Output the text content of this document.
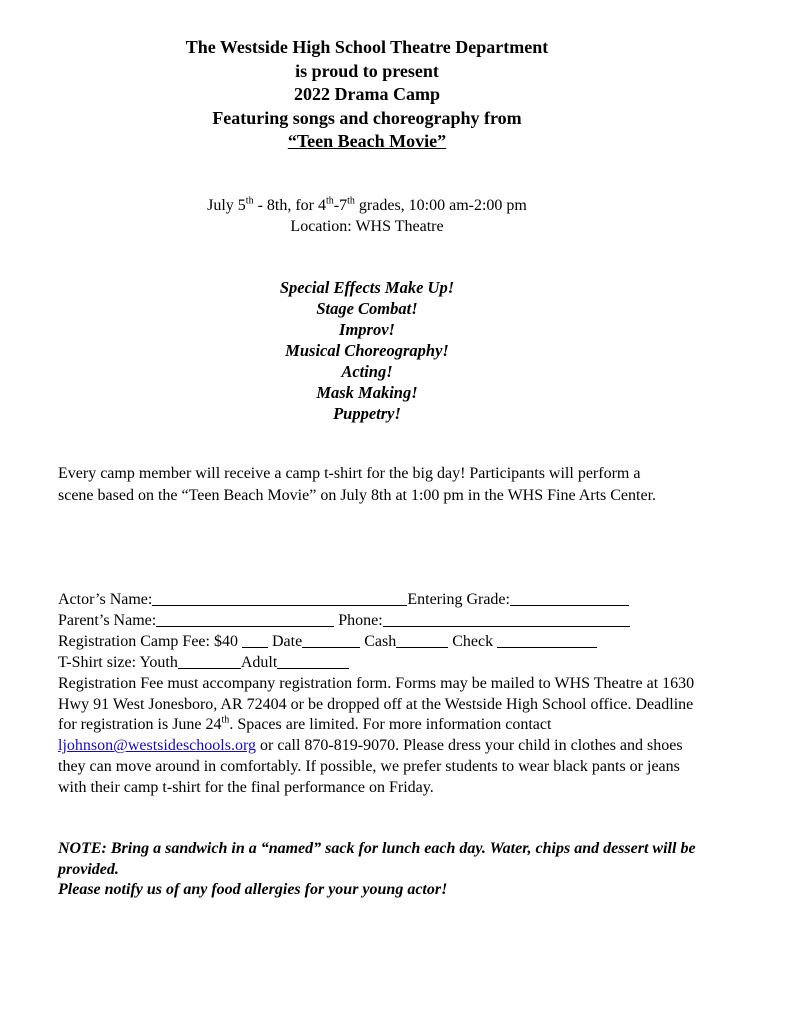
The Westside High School Theatre Department
is proud to present
2022 Drama Camp
Featuring songs and choreography from
“Teen Beach Movie”
July 5th - 8th, for 4th-7th grades, 10:00 am-2:00 pm
Location: WHS Theatre
Special Effects Make Up!
Stage Combat!
Improv!
Musical Choreography!
Acting!
Mask Making!
Puppetry!
Every camp member will receive a camp t-shirt for the big day! Participants will perform a scene based on the “Teen Beach Movie” on July 8th at 1:00 pm in the WHS Fine Arts Center.
Actor’s Name:	Entering Grade:
Parent’s Name:	Phone:
Registration Camp Fee: $40 Date	Cash	Check
T-Shirt size: Youth	Adult
Registration Fee must accompany registration form. Forms may be mailed to WHS Theatre at 1630 Hwy 91 West Jonesboro, AR 72404 or be dropped off at the Westside High School office. Deadline for registration is June 24th. Spaces are limited. For more information contact ljohnson@westsideschools.org or call 870-819-9070. Please dress your child in clothes and shoes they can move around in comfortably. If possible, we prefer students to wear black pants or jeans with their camp t-shirt for the final performance on Friday.
NOTE: Bring a sandwich in a “named” sack for lunch each day. Water, chips and dessert will be provided.
Please notify us of any food allergies for your young actor!
